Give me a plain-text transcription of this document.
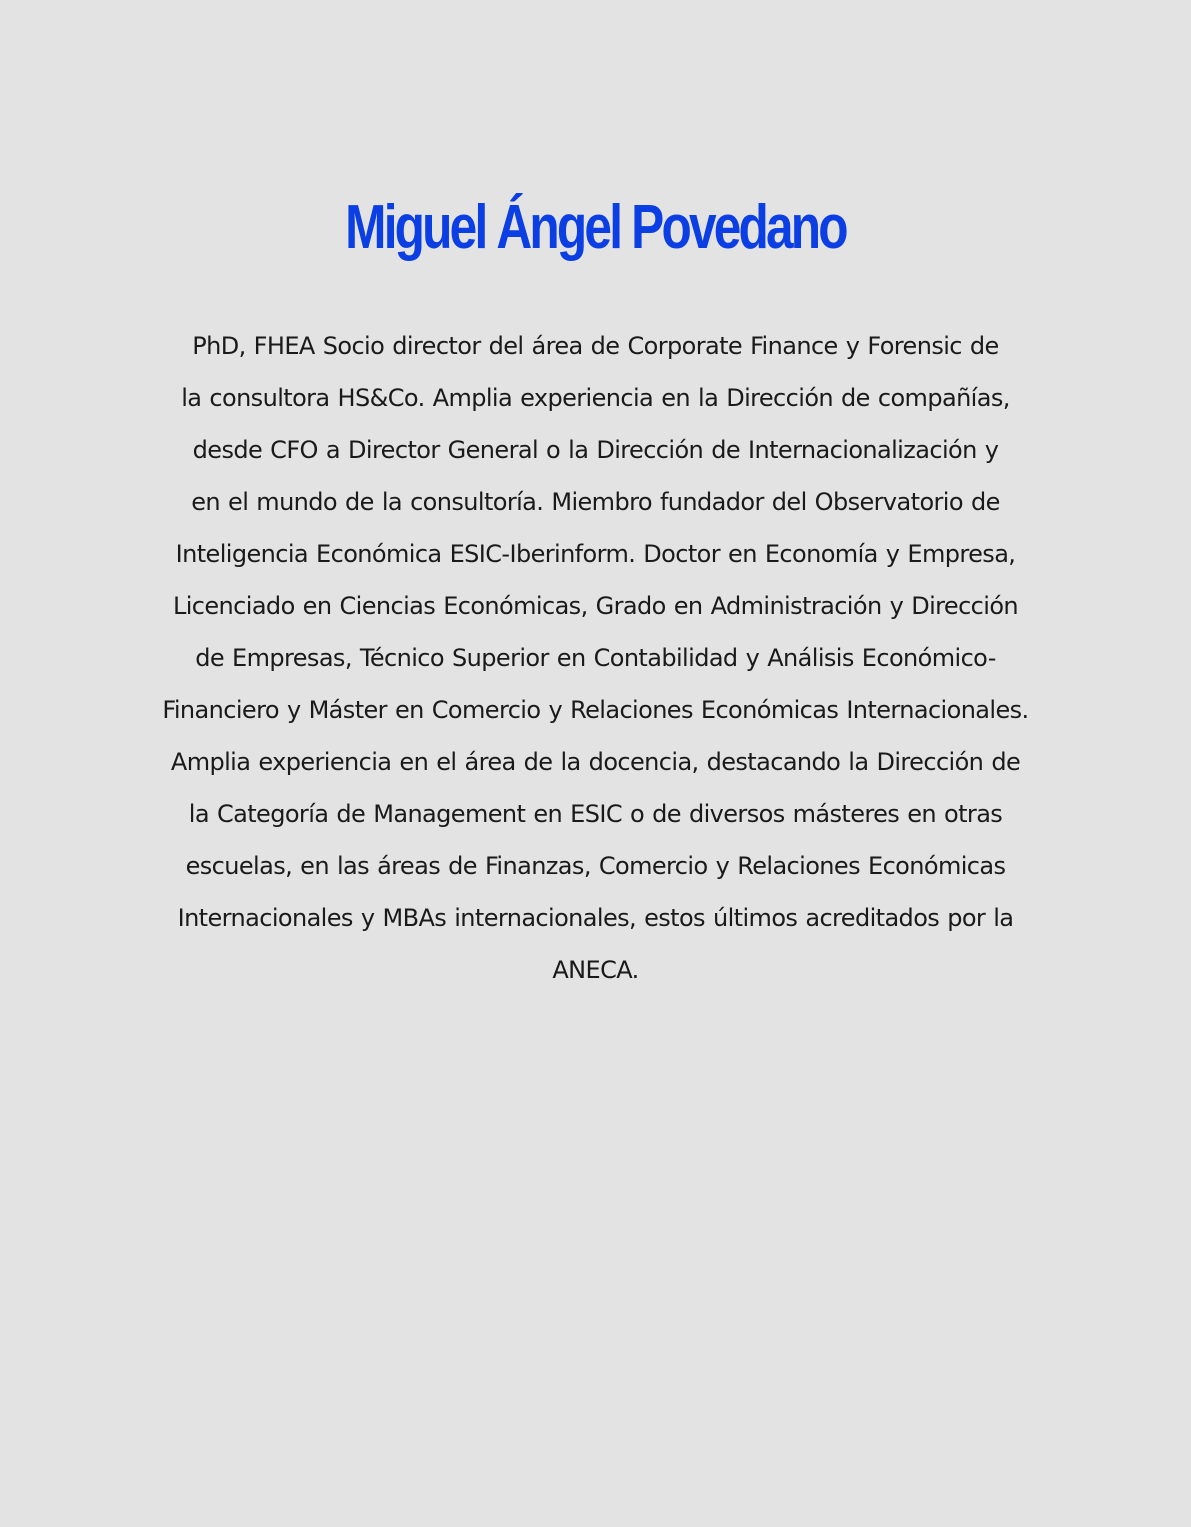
Miguel Ángel Povedano
PhD, FHEA Socio director del área de Corporate Finance y Forensic de
la consultora HS&Co. Amplia experiencia en la Dirección de compañías,
desde CFO a Director General o la Dirección de Internacionalización y
en el mundo de la consultoría. Miembro fundador del Observatorio de
Inteligencia Económica ESIC-Iberinform. Doctor en Economía y Empresa,
Licenciado en Ciencias Económicas, Grado en Administración y Dirección
de Empresas, Técnico Superior en Contabilidad y Análisis Económico-
Financiero y Máster en Comercio y Relaciones Económicas Internacionales.
Amplia experiencia en el área de la docencia, destacando la Dirección de
la Categoría de Management en ESIC o de diversos másteres en otras
escuelas, en las áreas de Finanzas, Comercio y Relaciones Económicas
Internacionales y MBAs internacionales, estos últimos acreditados por la
ANECA.
